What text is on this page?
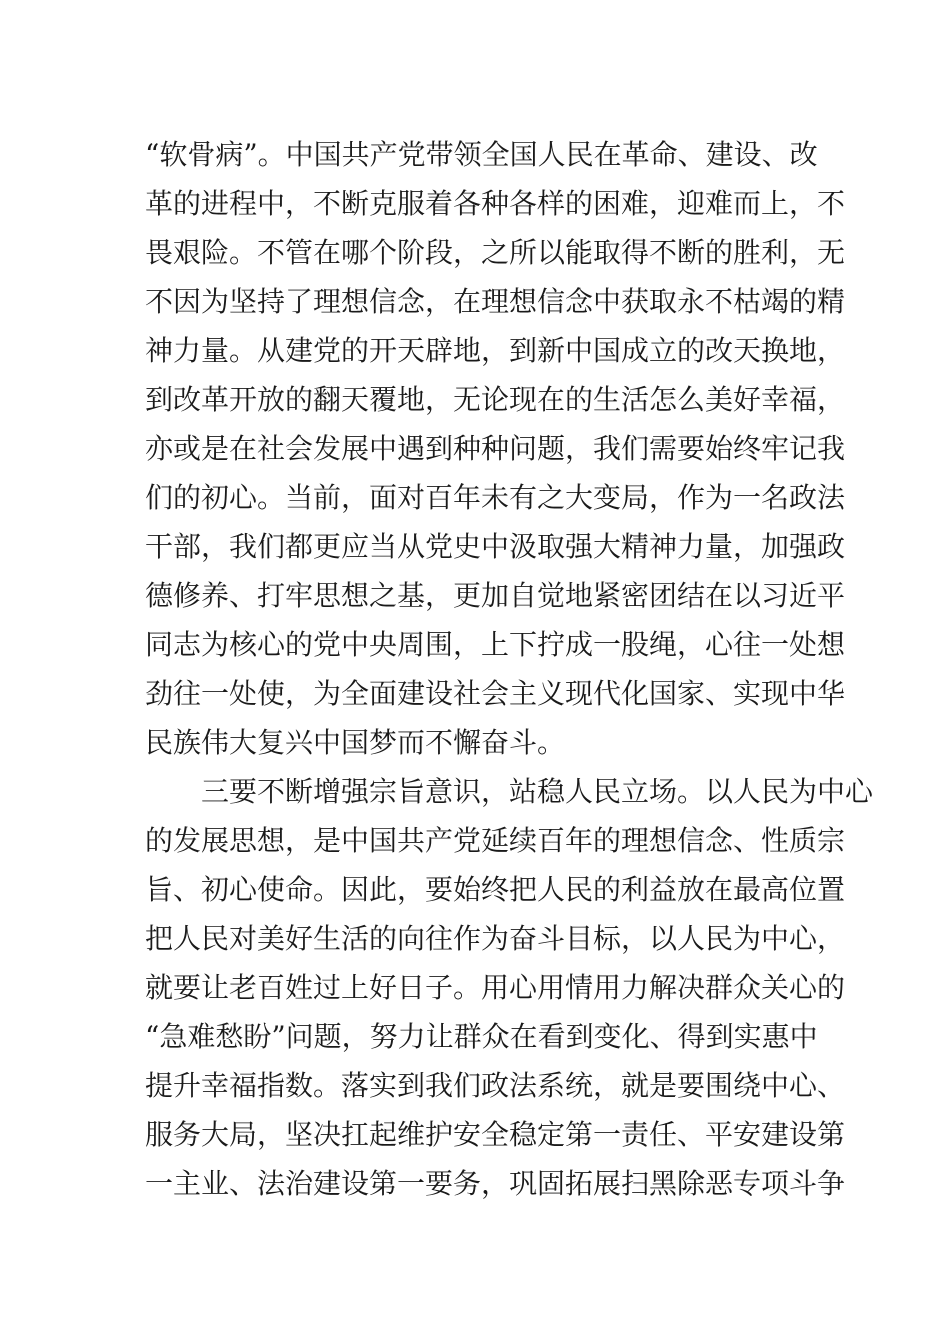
“软骨病”。中国共产党带领全国人民在革命、建设、改
革的进程中，不断克服着各种各样的困难，迎难而上，不
畏艰险。不管在哪个阶段，之所以能取得不断的胜利，无
不因为坚持了理想信念，在理想信念中获取永不枯竭的精
神力量。从建党的开天辟地，到新中国成立的改天换地，
到改革开放的翻天覆地，无论现在的生活怎么美好幸福，
亦或是在社会发展中遇到种种问题，我们需要始终牢记我
们的初心。当前，面对百年未有之大变局，作为一名政法
干部，我们都更应当从党史中汲取强大精神力量，加强政
德修养、打牢思想之基，更加自觉地紧密团结在以习近平
同志为核心的党中央周围，上下拧成一股绳，心往一处想
劲往一处使，为全面建设社会主义现代化国家、实现中华
民族伟大复兴中国梦而不懈奋斗。
　　三要不断增强宗旨意识，站稳人民立场。以人民为中心
的发展思想，是中国共产党延续百年的理想信念、性质宗
旨、初心使命。因此，要始终把人民的利益放在最高位置
把人民对美好生活的向往作为奋斗目标，以人民为中心，
就要让老百姓过上好日子。用心用情用力解决群众关心的
“急难愁盼”问题，努力让群众在看到变化、得到实惠中
提升幸福指数。落实到我们政法系统，就是要围绕中心、
服务大局，坚决扛起维护安全稳定第一责任、平安建设第
一主业、法治建设第一要务，巩固拓展扫黑除恶专项斗争
